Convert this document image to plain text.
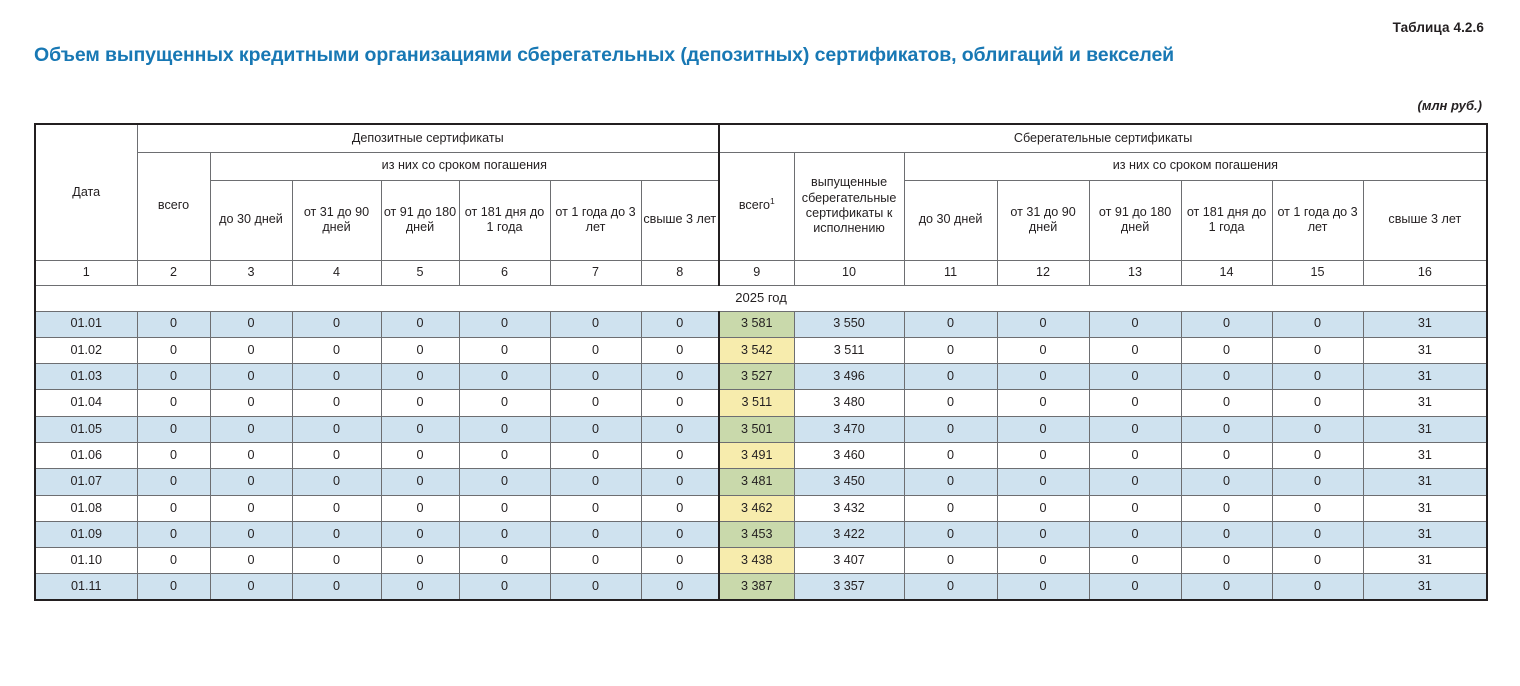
Таблица 4.2.6
Объем выпущенных кредитными организациями сберегательных (депозитных) сертификатов, облигаций и векселей
(млн руб.)
Дата	Депозитные сертификаты							Сберегательные сертификаты							
	всего	из них со сроком погашения						всего$^1$	выпущенные сберегательные сертификаты к исполнению	из них со сроком погашения					
		до 30 дней	от 31 до 90 дней	от 91 до 180 дней	от 181 дня до 1 года	от 1 года до 3 лет	свыше 3 лет			до 30 дней	от 31 до 90 дней	от 91 до 180 дней	от 181 дня до 1 года	от 1 года до 3 лет	свыше 3 лет
1	2	3	4	5	6	7	8	9	10	11	12	13	14	15	16
2025 год															
01.01	0	0	0	0	0	0	0	3 581	3 550	0	0	0	0	0	31
01.02	0	0	0	0	0	0	0	3 542	3 511	0	0	0	0	0	31
01.03	0	0	0	0	0	0	0	3 527	3 496	0	0	0	0	0	31
01.04	0	0	0	0	0	0	0	3 511	3 480	0	0	0	0	0	31
01.05	0	0	0	0	0	0	0	3 501	3 470	0	0	0	0	0	31
01.06	0	0	0	0	0	0	0	3 491	3 460	0	0	0	0	0	31
01.07	0	0	0	0	0	0	0	3 481	3 450	0	0	0	0	0	31
01.08	0	0	0	0	0	0	0	3 462	3 432	0	0	0	0	0	31
01.09	0	0	0	0	0	0	0	3 453	3 422	0	0	0	0	0	31
01.10	0	0	0	0	0	0	0	3 438	3 407	0	0	0	0	0	31
01.11	0	0	0	0	0	0	0	3 387	3 357	0	0	0	0	0	31
